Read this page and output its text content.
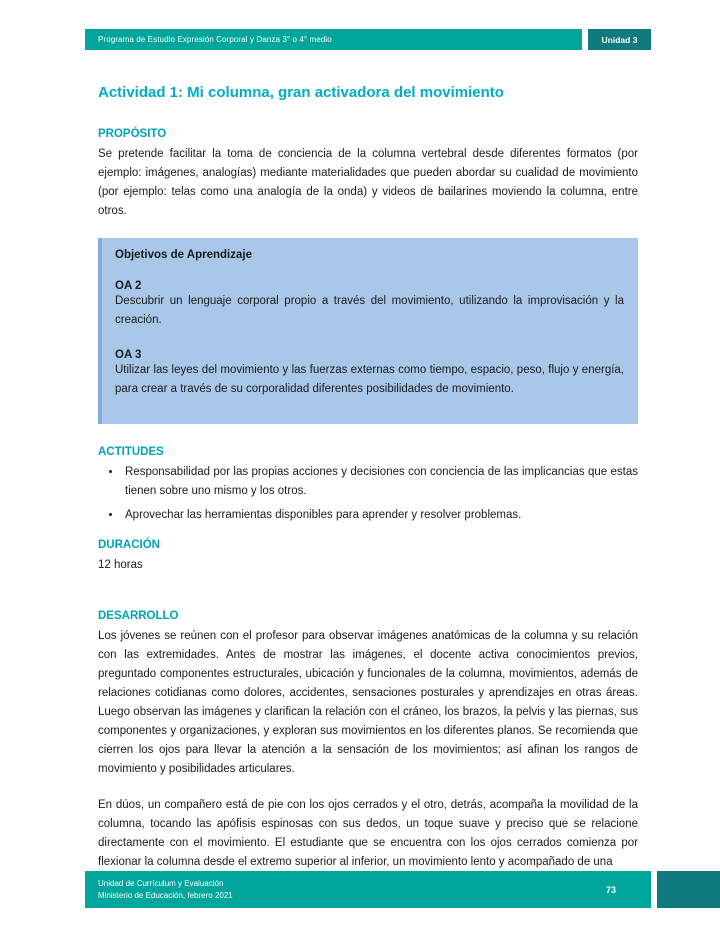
Programa de Estudio Expresión Corporal y Danza 3° o 4° medio	Unidad 3
Actividad 1: Mi columna, gran activadora del movimiento
PROPÓSITO

Se pretende facilitar la toma de conciencia de la columna vertebral desde diferentes formatos (por ejemplo: imágenes, analogías) mediante materialidades que pueden abordar su cualidad de movimiento (por ejemplo: telas como una analogía de la onda) y videos de bailarines moviendo la columna, entre otros.

Objetivos de Aprendizaje

OA 2

Descubrir un lenguaje corporal propio a través del movimiento, utilizando la improvisación y la creación.

OA 3

Utilizar las leyes del movimiento y las fuerzas externas como tiempo, espacio, peso, flujo y energía, para crear a través de su corporalidad diferentes posibilidades de movimiento.

ACTITUDES
• Responsabilidad por las propias acciones y decisiones con conciencia de las implicancias que estas tienen sobre uno mismo y los otros.
• Aprovechar las herramientas disponibles para aprender y resolver problemas.
DURACIÓN

12 horas

DESARROLLO

Los jóvenes se reúnen con el profesor para observar imágenes anatómicas de la columna y su relación con las extremidades. Antes de mostrar las imágenes, el docente activa conocimientos previos, preguntado componentes estructurales, ubicación y funcionales de la columna, movimientos, además de relaciones cotidianas como dolores, accidentes, sensaciones posturales y aprendizajes en otras áreas. Luego observan las imágenes y clarifican la relación con el cráneo, los brazos, la pelvis y las piernas, sus componentes y organizaciones, y exploran sus movimientos en los diferentes planos. Se recomienda que cierren los ojos para llevar la atención a la sensación de los movimientos; así afinan los rangos de movimiento y posibilidades articulares.

En dúos, un compañero está de pie con los ojos cerrados y el otro, detrás, acompaña la movilidad de la columna, tocando las apófisis espinosas con sus dedos, un toque suave y preciso que se relacione directamente con el movimiento. El estudiante que se encuentra con los ojos cerrados comienza por flexionar la columna desde el extremo superior al inferior, un movimiento lento y acompañado de una

Unidad de Currículum y Evaluación
Ministerio de Educación, febrero 2021
73
